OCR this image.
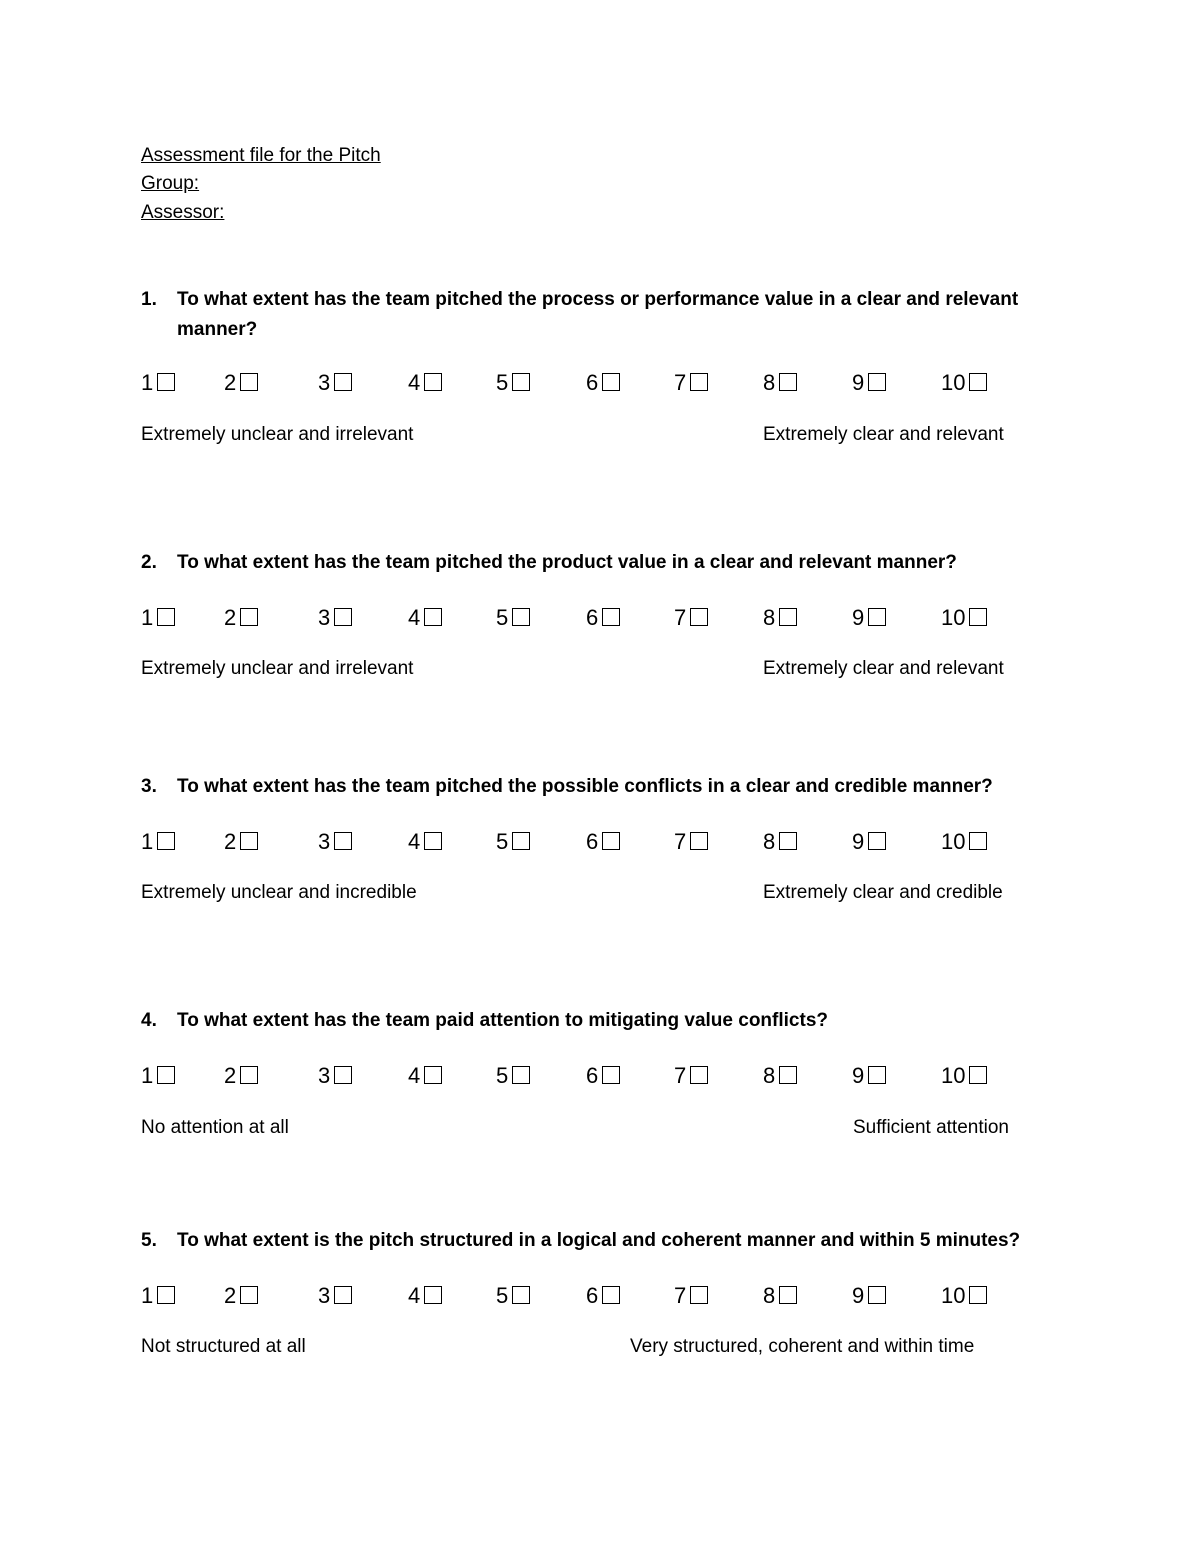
Assessment file for the Pitch
Group:
Assessor:
1.	To what extent has the team pitched the process or performance value in a clear and relevant manner?
1	2	3	4	5	6	7	8	9	10
Extremely unclear and irrelevant	Extremely clear and relevant
2.	To what extent has the team pitched the product value in a clear and relevant manner?
1	2	3	4	5	6	7	8	9	10
Extremely unclear and irrelevant	Extremely clear and relevant
3.	To what extent has the team pitched the possible conflicts in a clear and credible manner?
1	2	3	4	5	6	7	8	9	10
Extremely unclear and incredible	Extremely clear and credible
4.	To what extent has the team paid attention to mitigating value conflicts?
1	2	3	4	5	6	7	8	9	10
No attention at all	Sufficient attention
5.	To what extent is the pitch structured in a logical and coherent manner and within 5 minutes?
1	2	3	4	5	6	7	8	9	10
Not structured at all	Very structured, coherent and within time
